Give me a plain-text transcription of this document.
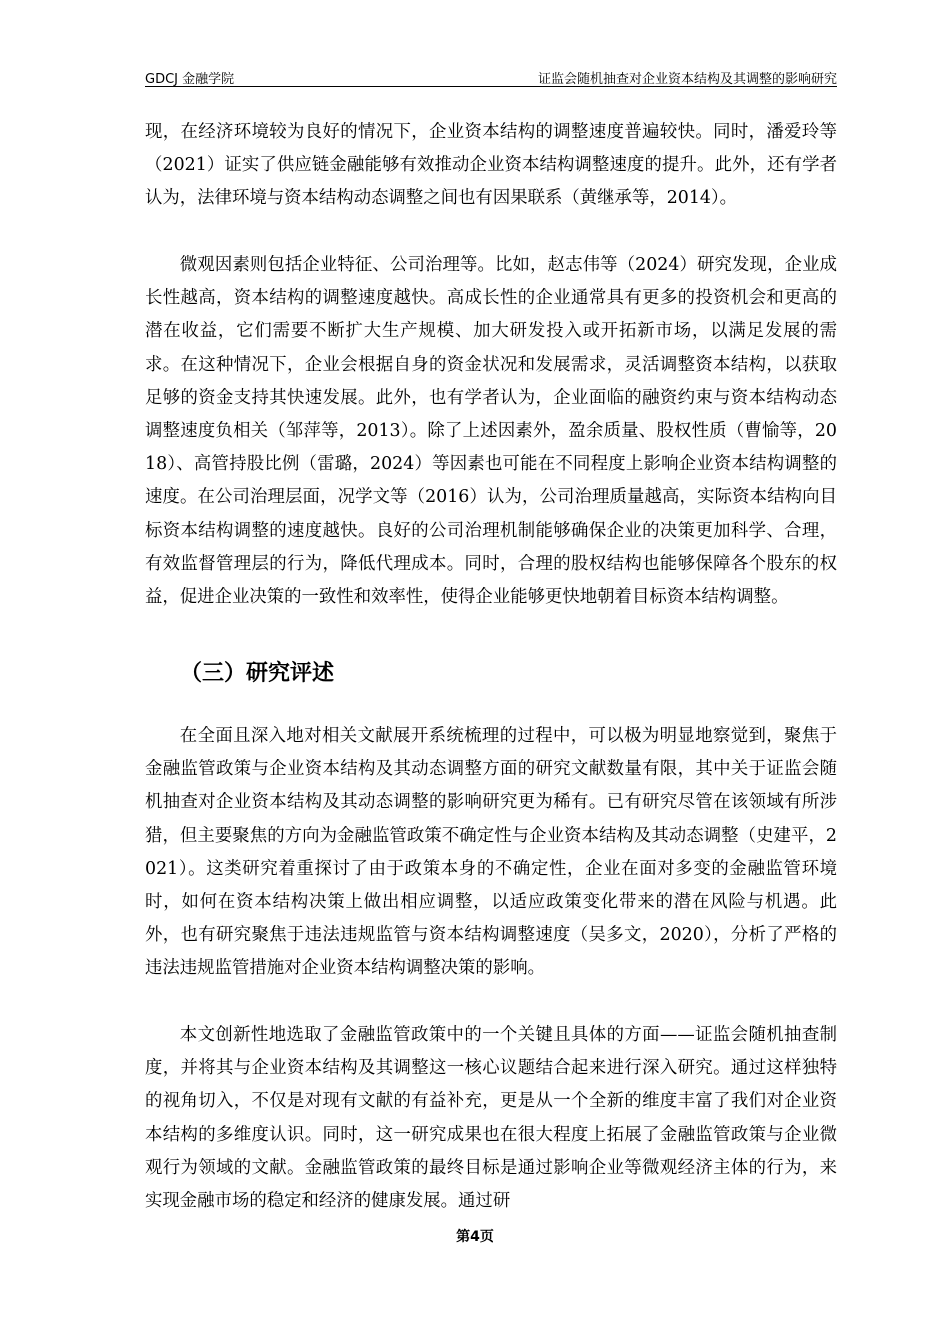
GDCJ 金融学院	证监会随机抽查对企业资本结构及其调整的影响研究

现，在经济环境较为良好的情况下，企业资本结构的调整速度普遍较快。同时，潘爱玲等（2021）证实了供应链金融能够有效推动企业资本结构调整速度的提升。此外，还有学者认为，法律环境与资本结构动态调整之间也有因果联系（黄继承等，2014）。

微观因素则包括企业特征、公司治理等。比如，赵志伟等（2024）研究发现，企业成长性越高，资本结构的调整速度越快。高成长性的企业通常具有更多的投资机会和更高的潜在收益，它们需要不断扩大生产规模、加大研发投入或开拓新市场，以满足发展的需求。在这种情况下，企业会根据自身的资金状况和发展需求，灵活调整资本结构，以获取足够的资金支持其快速发展。此外，也有学者认为，企业面临的融资约束与资本结构动态调整速度负相关（邹萍等，2013）。除了上述因素外，盈余质量、股权性质（曹愉等，2018）、高管持股比例（雷璐，2024）等因素也可能在不同程度上影响企业资本结构调整的速度。在公司治理层面，况学文等（2016）认为，公司治理质量越高，实际资本结构向目标资本结构调整的速度越快。良好的公司治理机制能够确保企业的决策更加科学、合理，有效监督管理层的行为，降低代理成本。同时，合理的股权结构也能够保障各个股东的权益，促进企业决策的一致性和效率性，使得企业能够更快地朝着目标资本结构调整。

（三）研究评述

在全面且深入地对相关文献展开系统梳理的过程中，可以极为明显地察觉到，聚焦于金融监管政策与企业资本结构及其动态调整方面的研究文献数量有限，其中关于证监会随机抽查对企业资本结构及其动态调整的影响研究更为稀有。已有研究尽管在该领域有所涉猎，但主要聚焦的方向为金融监管政策不确定性与企业资本结构及其动态调整（史建平，2021）。这类研究着重探讨了由于政策本身的不确定性，企业在面对多变的金融监管环境时，如何在资本结构决策上做出相应调整，以适应政策变化带来的潜在风险与机遇。此外，也有研究聚焦于违法违规监管与资本结构调整速度（吴多文，2020），分析了严格的违法违规监管措施对企业资本结构调整决策的影响。

本文创新性地选取了金融监管政策中的一个关键且具体的方面——证监会随机抽查制度，并将其与企业资本结构及其调整这一核心议题结合起来进行深入研究。通过这样独特的视角切入，不仅是对现有文献的有益补充，更是从一个全新的维度丰富了我们对企业资本结构的多维度认识。同时，这一研究成果也在很大程度上拓展了金融监管政策与企业微观行为领域的文献。金融监管政策的最终目标是通过影响企业等微观经济主体的行为，来实现金融市场的稳定和经济的健康发展。通过研

第4页
